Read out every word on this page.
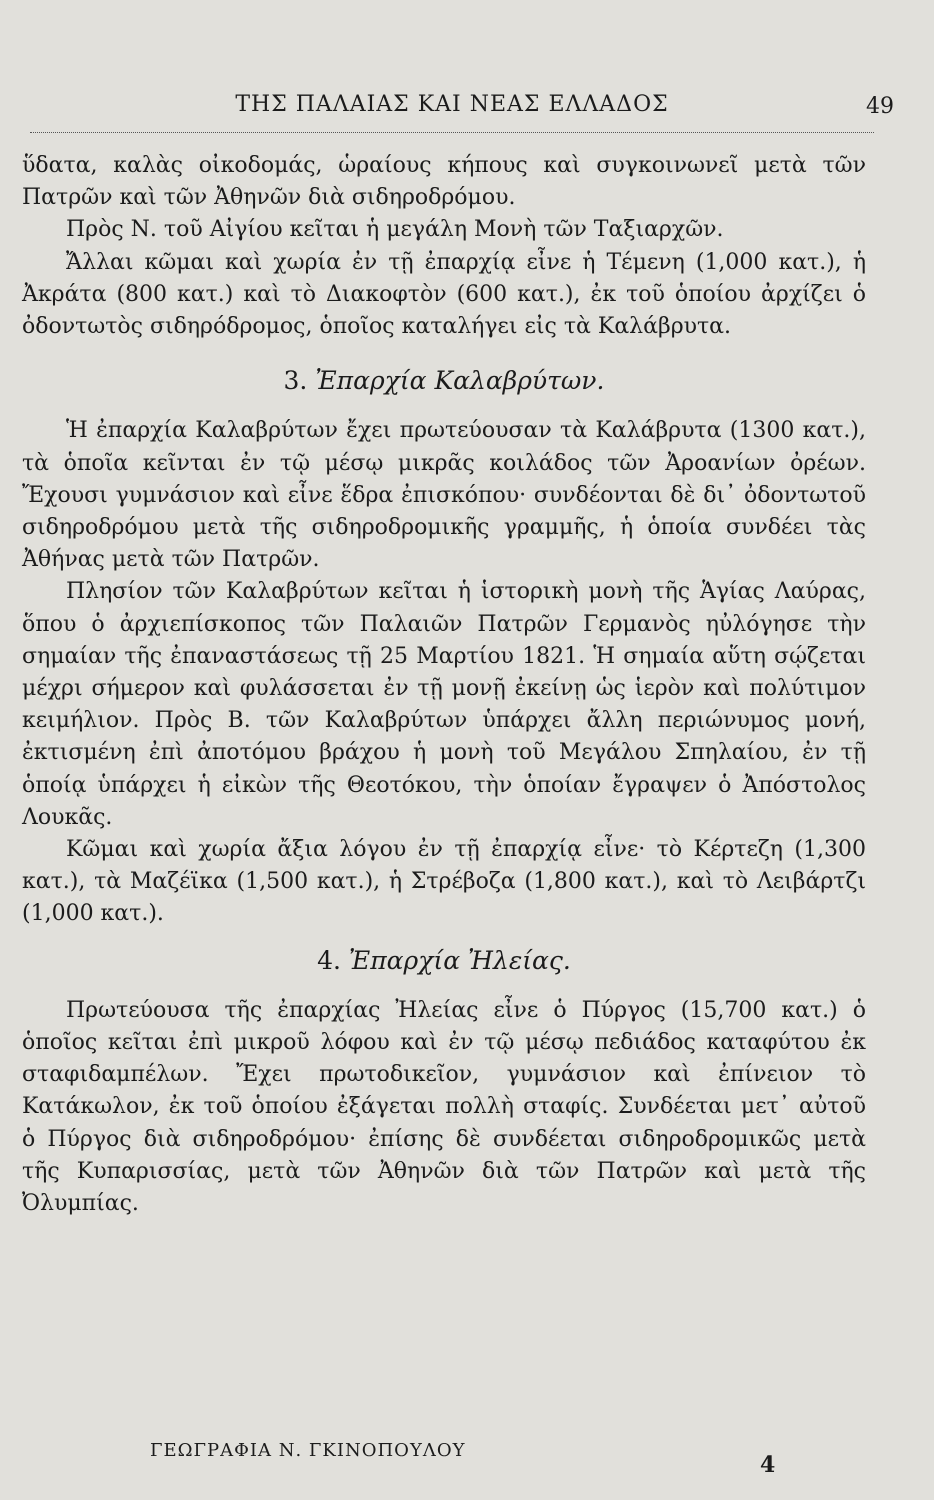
ΤΗΣ ΠΑΛΑΙΑΣ ΚΑΙ ΝΕΑΣ ΕΛΛΑΔΟΣ	49

ὕδατα, καλὰς οἰκοδομάς, ὡραίους κήπους καὶ συγκοινωνεῖ μετὰ τῶν Πατρῶν καὶ τῶν Ἀθηνῶν διὰ σιδηροδρόμου.

Πρὸς Ν. τοῦ Αἰγίου κεῖται ἡ μεγάλη Μονὴ τῶν Ταξιαρχῶν.

Ἄλλαι κῶμαι καὶ χωρία ἐν τῇ ἐπαρχίᾳ εἶνε ἡ Τέμενη (1,000 κατ.), ἡ Ἀκράτα (800 κατ.) καὶ τὸ Διακοφτὸν (600 κατ.), ἐκ τοῦ ὁποίου ἀρχίζει ὁ ὀδοντωτὸς σιδηρόδρομος, ὁποῖος καταλήγει εἰς τὰ Καλάβρυτα.

3. Ἐπαρχία Καλαβρύτων.

Ἡ ἐπαρχία Καλαβρύτων ἔχει πρωτεύουσαν τὰ Καλάβρυτα (1300 κατ.), τὰ ὁποῖα κεῖνται ἐν τῷ μέσῳ μικρᾶς κοιλάδος τῶν Ἀροανίων ὀρέων. Ἔχουσι γυμνάσιον καὶ εἶνε ἕδρα ἐπισκόπου· συνδέονται δὲ δι᾿ ὀδοντωτοῦ σιδηροδρόμου μετὰ τῆς σιδηροδρομικῆς γραμμῆς, ἡ ὁποία συνδέει τὰς Ἀθήνας μετὰ τῶν Πατρῶν.

Πλησίον τῶν Καλαβρύτων κεῖται ἡ ἱστορικὴ μονὴ τῆς Ἁγίας Λαύρας, ὅπου ὁ ἀρχιεπίσκοπος τῶν Παλαιῶν Πατρῶν Γερμανὸς ηὐλόγησε τὴν σημαίαν τῆς ἐπαναστάσεως τῇ 25 Μαρτίου 1821. Ἡ σημαία αὕτη σῴζεται μέχρι σήμερον καὶ φυλάσσεται ἐν τῇ μονῇ ἐκείνῃ ὡς ἱερὸν καὶ πολύτιμον κειμήλιον. Πρὸς Β. τῶν Καλαβρύτων ὑπάρχει ἄλλη περιώνυμος μονή, ἐκτισμένη ἐπὶ ἀποτόμου βράχου ἡ μονὴ τοῦ Μεγάλου Σπηλαίου, ἐν τῇ ὁποίᾳ ὑπάρχει ἡ εἰκὼν τῆς Θεοτόκου, τὴν ὁποίαν ἔγραψεν ὁ Ἀπόστολος Λουκᾶς.

Κῶμαι καὶ χωρία ἄξια λόγου ἐν τῇ ἐπαρχίᾳ εἶνε· τὸ Κέρτεζη (1,300 κατ.), τὰ Μαζέϊκα (1,500 κατ.), ἡ Στρέβοζα (1,800 κατ.), καὶ τὸ Λειβάρτζι (1,000 κατ.).

4. Ἐπαρχία Ἠλείας.

Πρωτεύουσα τῆς ἐπαρχίας Ἠλείας εἶνε ὁ Πύργος (15,700 κατ.) ὁ ὁποῖος κεῖται ἐπὶ μικροῦ λόφου καὶ ἐν τῷ μέσῳ πεδιάδος καταφύτου ἐκ σταφιδαμπέλων. Ἔχει πρωτοδικεῖον, γυμνάσιον καὶ ἐπίνειον τὸ Κατάκωλον, ἐκ τοῦ ὁποίου ἐξάγεται πολλὴ σταφίς. Συνδέεται μετ᾿ αὐτοῦ ὁ Πύργος διὰ σιδηροδρόμου· ἐπίσης δὲ συνδέεται σιδηροδρομικῶς μετὰ τῆς Κυπαρισσίας, μετὰ τῶν Ἀθηνῶν διὰ τῶν Πατρῶν καὶ μετὰ τῆς Ὀλυμπίας.

ΓΕΩΓΡΑΦΙΑ Ν. ΓΚΙΝΟΠΟΥΛΟΥ
4
